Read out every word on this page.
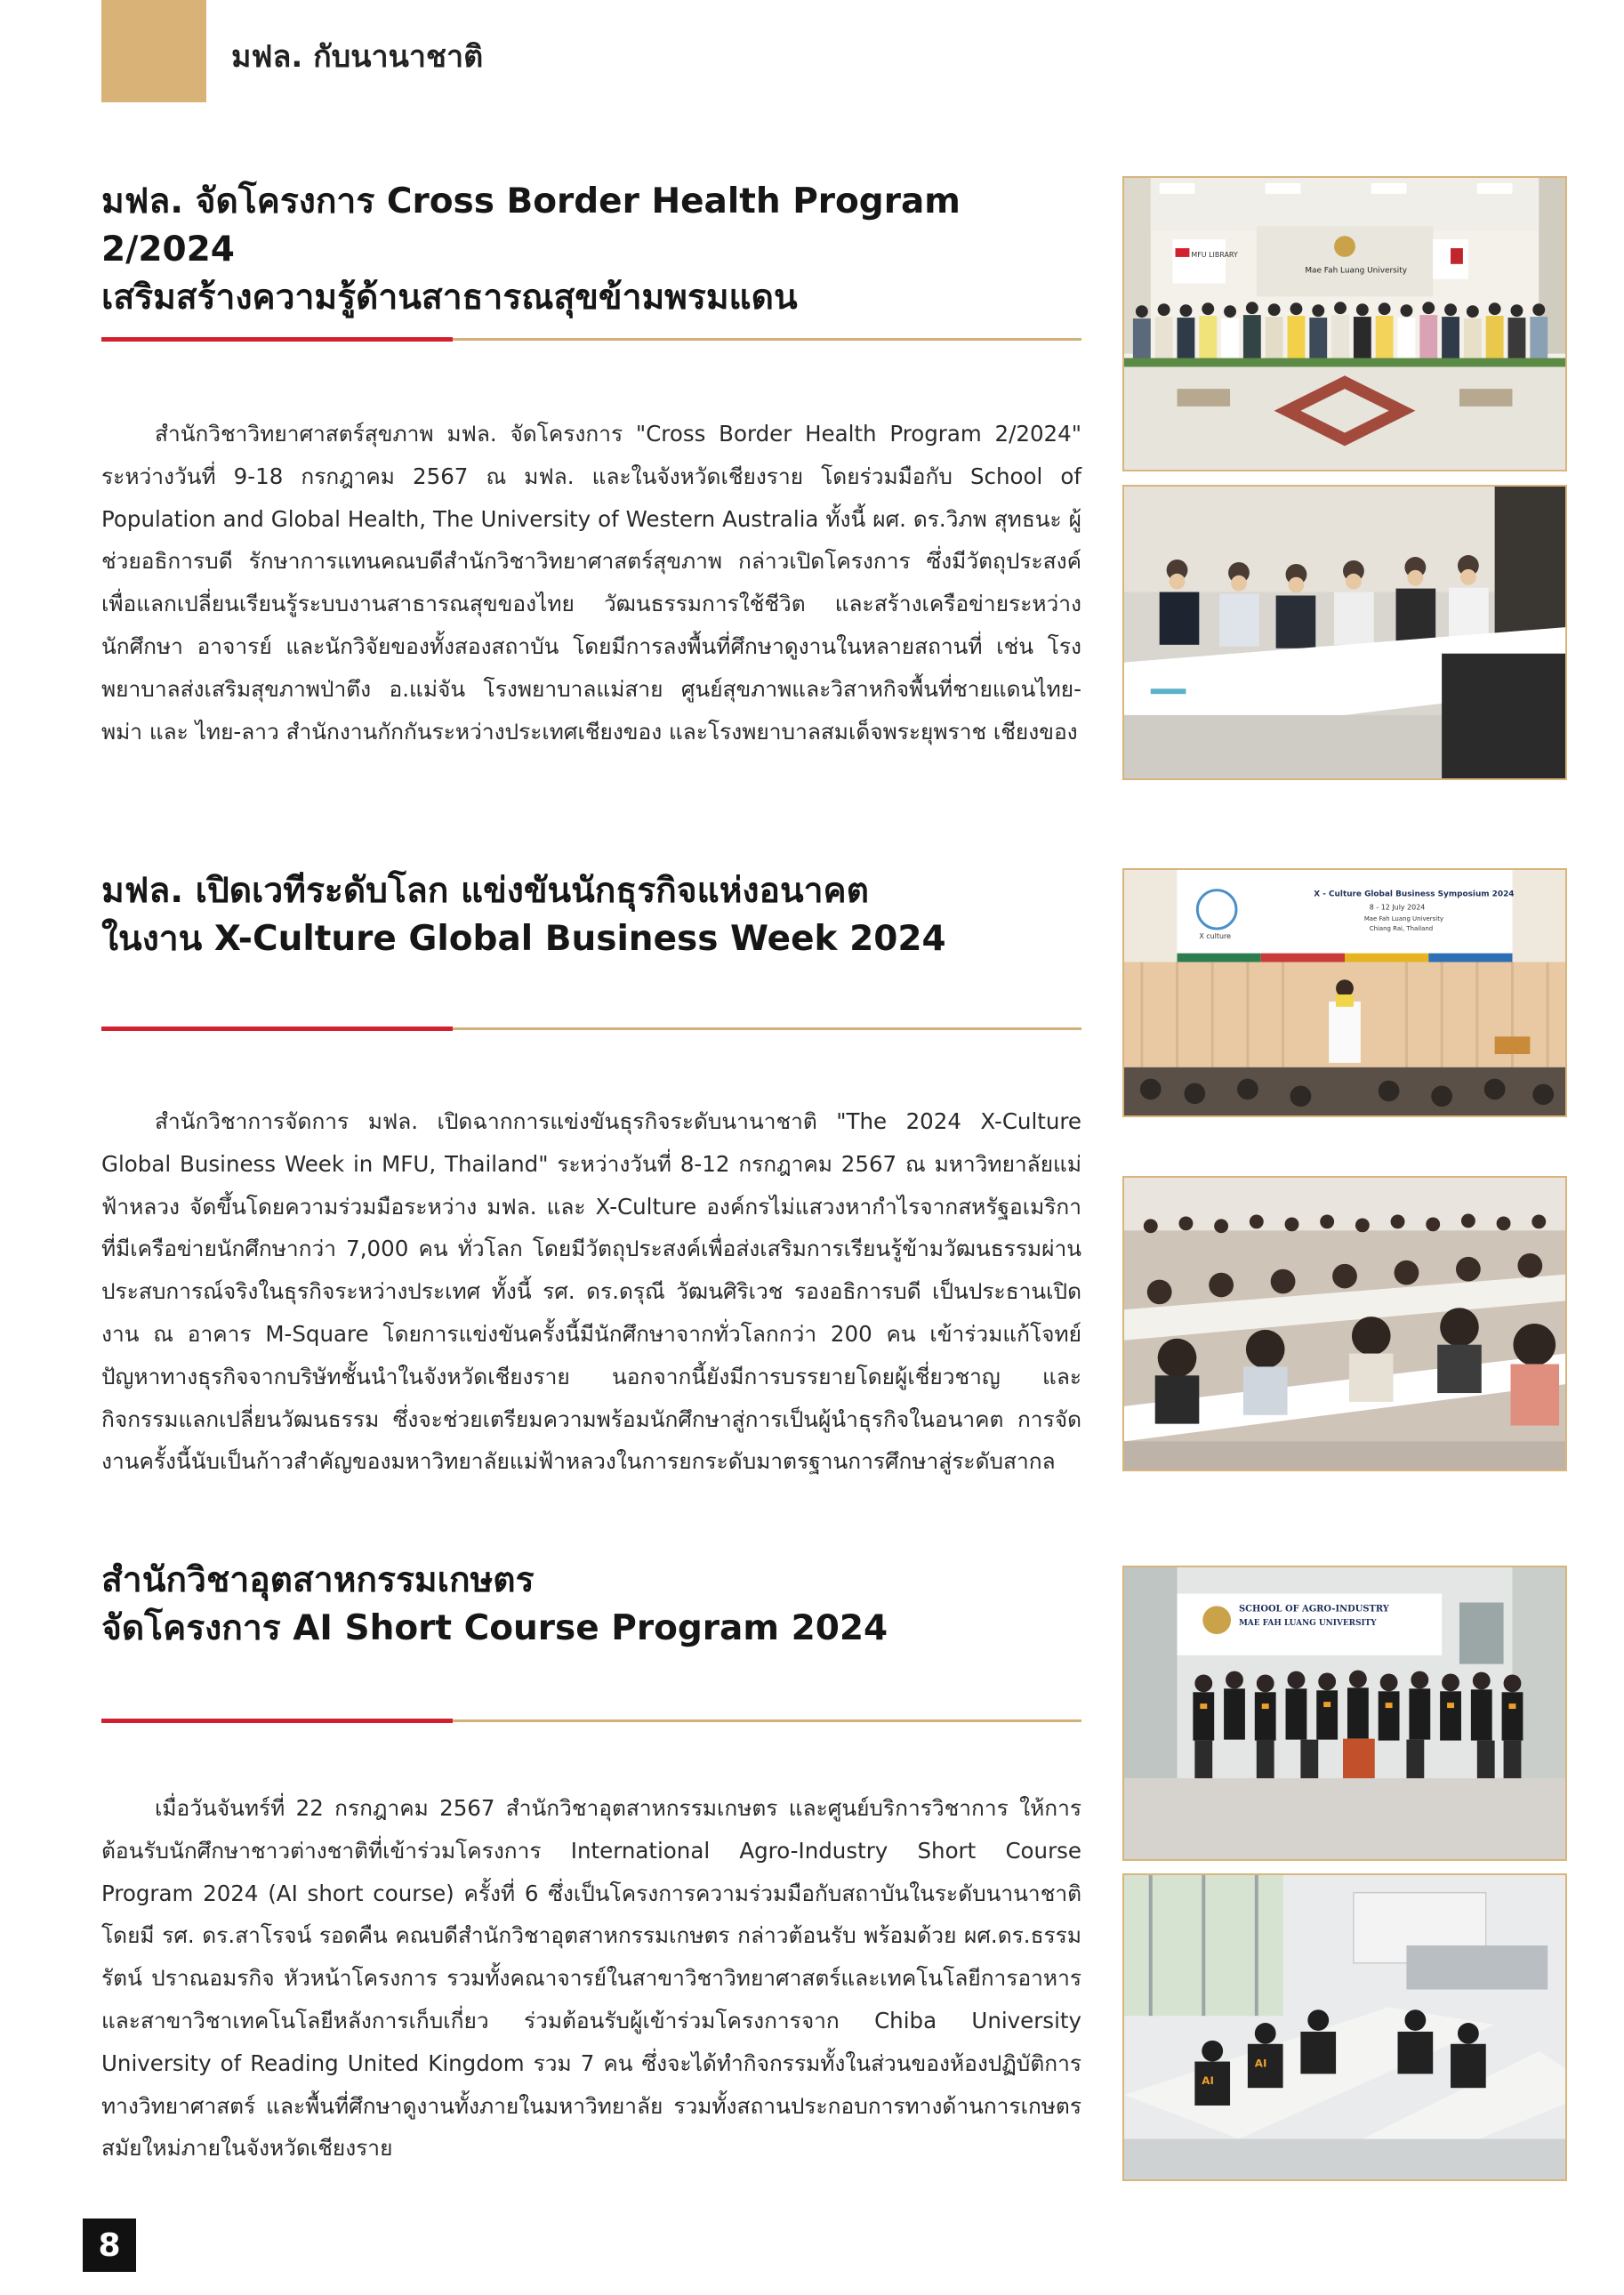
มฟล. กับนานาชาติ
มฟล. จัดโครงการ Cross Border Health Program 2/2024
เสริมสร้างความรู้ด้านสาธารณสุขข้ามพรมแดน
สำนักวิชาวิทยาศาสตร์สุขภาพ มฟล. จัดโครงการ "Cross Border Health Program 2/2024" ระหว่างวันที่ 9-18 กรกฎาคม 2567 ณ มฟล. และในจังหวัดเชียงราย โดยร่วมมือกับ School of Population and Global Health, The University of Western Australia ทั้งนี้ ผศ. ดร.วิภพ สุทธนะ ผู้ช่วยอธิการบดี รักษาการแทนคณบดีสำนักวิชาวิทยาศาสตร์สุขภาพ กล่าวเปิดโครงการ ซึ่งมีวัตถุประสงค์เพื่อแลกเปลี่ยนเรียนรู้ระบบงานสาธารณสุขของไทย วัฒนธรรมการใช้ชีวิต และสร้างเครือข่ายระหว่างนักศึกษา อาจารย์ และนักวิจัยของทั้งสองสถาบัน โดยมีการลงพื้นที่ศึกษาดูงานในหลายสถานที่ เช่น โรงพยาบาลส่งเสริมสุขภาพป่าตึง อ.แม่จัน โรงพยาบาลแม่สาย ศูนย์สุขภาพและวิสาหกิจพื้นที่ชายแดนไทย-พม่า และ ไทย-ลาว สำนักงานกักกันระหว่างประเทศเชียงของ และโรงพยาบาลสมเด็จพระยุพราช เชียงของ
MFU LIBRARY
Mae Fah Luang University
มฟล. เปิดเวทีระดับโลก แข่งขันนักธุรกิจแห่งอนาคต
ในงาน X-Culture Global Business Week 2024
สำนักวิชาการจัดการ มฟล. เปิดฉากการแข่งขันธุรกิจระดับนานาชาติ "The 2024 X-Culture Global Business Week in MFU, Thailand" ระหว่างวันที่ 8-12 กรกฎาคม 2567 ณ มหาวิทยาลัยแม่ฟ้าหลวง จัดขึ้นโดยความร่วมมือระหว่าง มฟล. และ X-Culture องค์กรไม่แสวงหากำไรจากสหรัฐอเมริกา ที่มีเครือข่ายนักศึกษากว่า 7,000 คน ทั่วโลก โดยมีวัตถุประสงค์เพื่อส่งเสริมการเรียนรู้ข้ามวัฒนธรรมผ่านประสบการณ์จริงในธุรกิจระหว่างประเทศ ทั้งนี้ รศ. ดร.ดรุณี วัฒนศิริเวช รองอธิการบดี เป็นประธานเปิดงาน ณ อาคาร M-Square โดยการแข่งขันครั้งนี้มีนักศึกษาจากทั่วโลกกว่า 200 คน เข้าร่วมแก้โจทย์ปัญหาทางธุรกิจจากบริษัทชั้นนำในจังหวัดเชียงราย นอกจากนี้ยังมีการบรรยายโดยผู้เชี่ยวชาญ และกิจกรรมแลกเปลี่ยนวัฒนธรรม ซึ่งจะช่วยเตรียมความพร้อมนักศึกษาสู่การเป็นผู้นำธุรกิจในอนาคต การจัดงานครั้งนี้นับเป็นก้าวสำคัญของมหาวิทยาลัยแม่ฟ้าหลวงในการยกระดับมาตรฐานการศึกษาสู่ระดับสากล
X culture
X - Culture Global Business Symposium 2024
8 - 12 July 2024
Mae Fah Luang University
Chiang Rai, Thailand
สำนักวิชาอุตสาหกรรมเกษตร
จัดโครงการ AI Short Course Program 2024
เมื่อวันจันทร์ที่ 22 กรกฎาคม 2567 สำนักวิชาอุตสาหกรรมเกษตร และศูนย์บริการวิชาการ ให้การต้อนรับนักศึกษาชาวต่างชาติที่เข้าร่วมโครงการ International Agro-Industry Short Course Program 2024 (AI short course) ครั้งที่ 6 ซึ่งเป็นโครงการความร่วมมือกับสถาบันในระดับนานาชาติ โดยมี รศ. ดร.สาโรจน์ รอดคืน คณบดีสำนักวิชาอุตสาหกรรมเกษตร กล่าวต้อนรับ พร้อมด้วย ผศ.ดร.ธรรมรัตน์ ปราณอมรกิจ หัวหน้าโครงการ รวมทั้งคณาจารย์ในสาขาวิชาวิทยาศาสตร์และเทคโนโลยีการอาหาร และสาขาวิชาเทคโนโลยีหลังการเก็บเกี่ยว ร่วมต้อนรับผู้เข้าร่วมโครงการจาก Chiba University University of Reading United Kingdom รวม 7 คน ซึ่งจะได้ทำกิจกรรมทั้งในส่วนของห้องปฏิบัติการทางวิทยาศาสตร์ และพื้นที่ศึกษาดูงานทั้งภายในมหาวิทยาลัย รวมทั้งสถานประกอบการทางด้านการเกษตรสมัยใหม่ภายในจังหวัดเชียงราย
SCHOOL OF AGRO-INDUSTRY
MAE FAH LUANG UNIVERSITY
AI
AI
8
